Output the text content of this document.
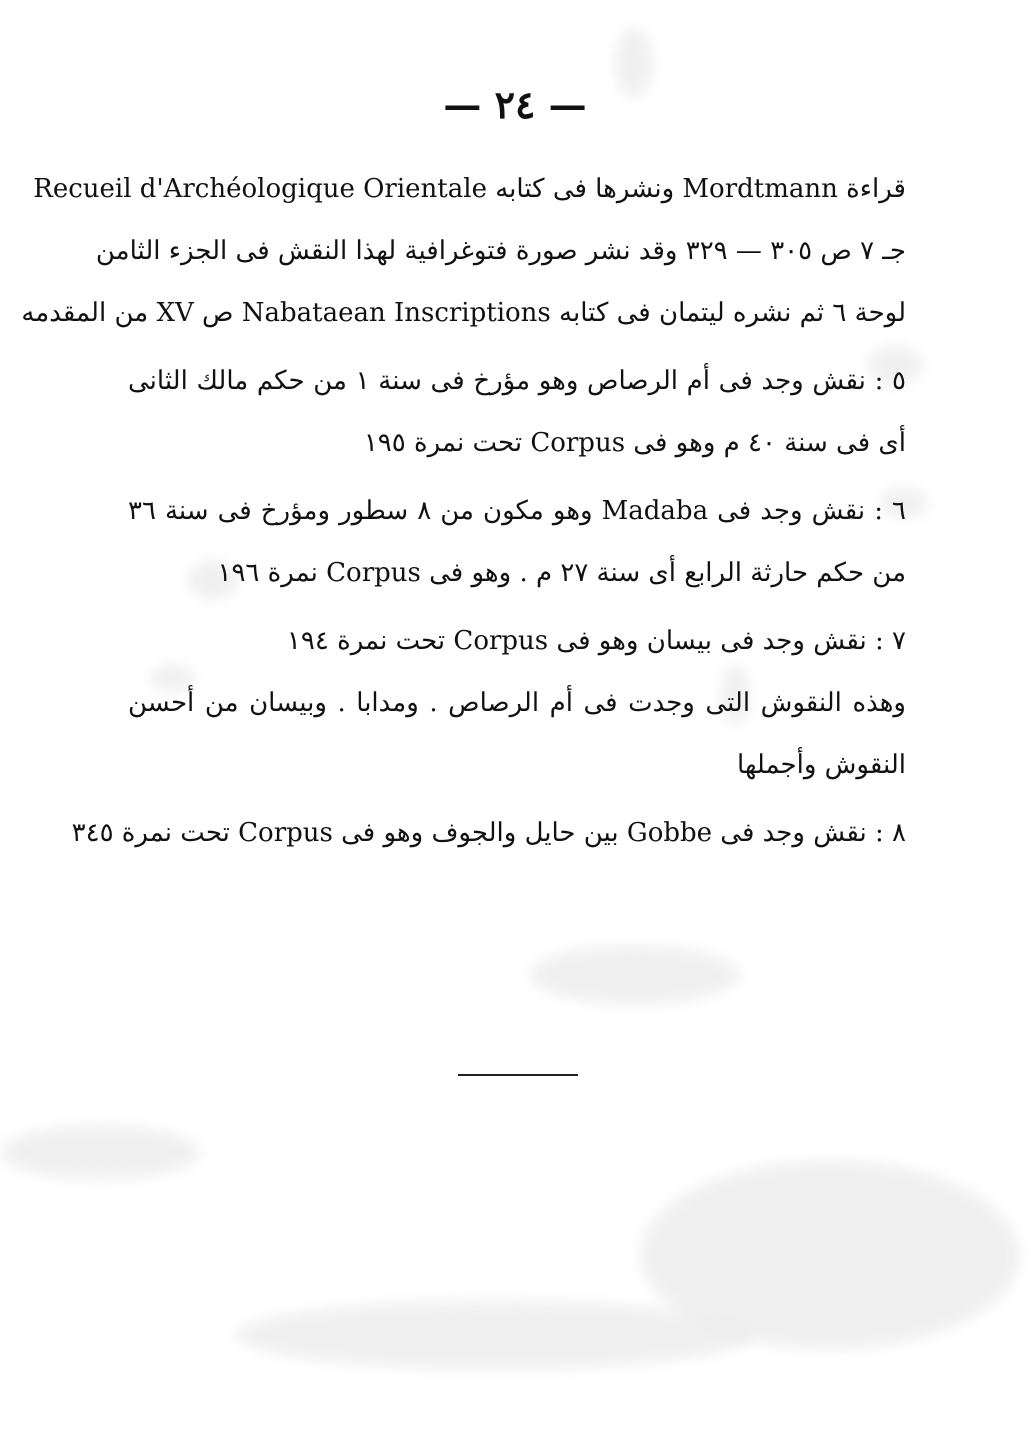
— ٢٤ —
قراءة Mordtmann ونشرها فى كتابه Recueil d'Archéologique Orientale
جـ ٧ ص ٣٠٥ — ٣٢٩ وقد نشر صورة فتوغرافية لهذا النقش فى الجزء الثامن
لوحة ٦ ثم نشره ليتمان فى كتابه Nabataean Inscriptions ص XV من المقدمه
٥ : نقش وجد فى أم الرصاص وهو مؤرخ فى سنة ١ من حكم مالك الثانى
أى فى سنة ٤٠ م وهو فى Corpus تحت نمرة ١٩٥
٦ : نقش وجد فى Madaba وهو مكون من ٨ سطور ومؤرخ فى سنة ٣٦
من حكم حارثة الرابع أى سنة ٢٧ م . وهو فى Corpus نمرة ١٩٦
٧ : نقش وجد فى بيسان وهو فى Corpus تحت نمرة ١٩٤
وهذه النقوش التى وجدت فى أم الرصاص . ومدابا . وبيسان من أحسن
النقوش وأجملها
٨ : نقش وجد فى Gobbe بين حايل والجوف وهو فى Corpus تحت نمرة ٣٤٥
